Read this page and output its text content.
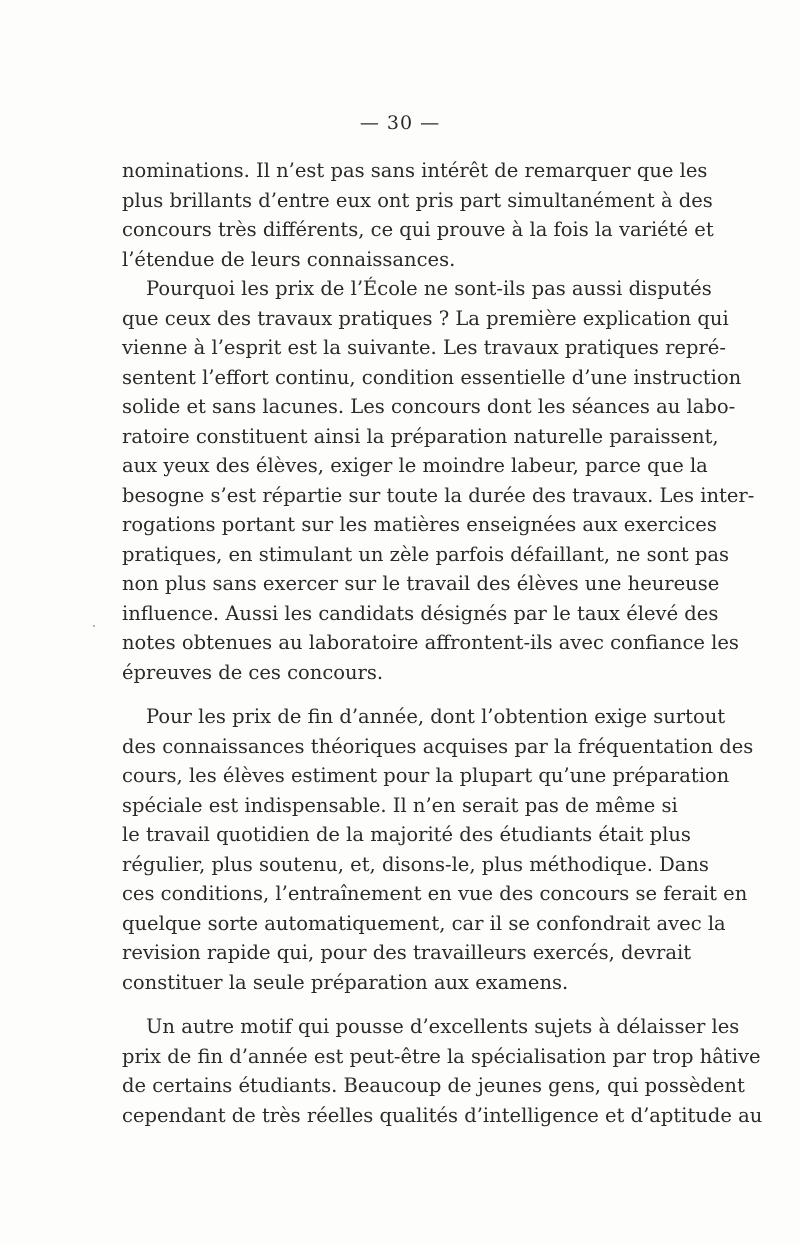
— 30 —

nominations. Il n’est pas sans intérêt de remarquer que les
plus brillants d’entre eux ont pris part simultanément à des
concours très différents, ce qui prouve à la fois la variété et
l’étendue de leurs connaissances.

Pourquoi les prix de l’École ne sont-ils pas aussi disputés
que ceux des travaux pratiques ? La première explication qui
vienne à l’esprit est la suivante. Les travaux pratiques repré-
sentent l’effort continu, condition essentielle d’une instruction
solide et sans lacunes. Les concours dont les séances au labo-
ratoire constituent ainsi la préparation naturelle paraissent,
aux yeux des élèves, exiger le moindre labeur, parce que la
besogne s’est répartie sur toute la durée des travaux. Les inter-
rogations portant sur les matières enseignées aux exercices
pratiques, en stimulant un zèle parfois défaillant, ne sont pas
non plus sans exercer sur le travail des élèves une heureuse
influence. Aussi les candidats désignés par le taux élevé des
notes obtenues au laboratoire affrontent-ils avec confiance les
épreuves de ces concours.

Pour les prix de fin d’année, dont l’obtention exige surtout
des connaissances théoriques acquises par la fréquentation des
cours, les élèves estiment pour la plupart qu’une préparation
spéciale est indispensable. Il n’en serait pas de même si
le travail quotidien de la majorité des étudiants était plus
régulier, plus soutenu, et, disons-le, plus méthodique. Dans
ces conditions, l’entraînement en vue des concours se ferait en
quelque sorte automatiquement, car il se confondrait avec la
revision rapide qui, pour des travailleurs exercés, devrait
constituer la seule préparation aux examens.

Un autre motif qui pousse d’excellents sujets à délaisser les
prix de fin d’année est peut-être la spécialisation par trop hâtive
de certains étudiants. Beaucoup de jeunes gens, qui possèdent
cependant de très réelles qualités d’intelligence et d’aptitude au
